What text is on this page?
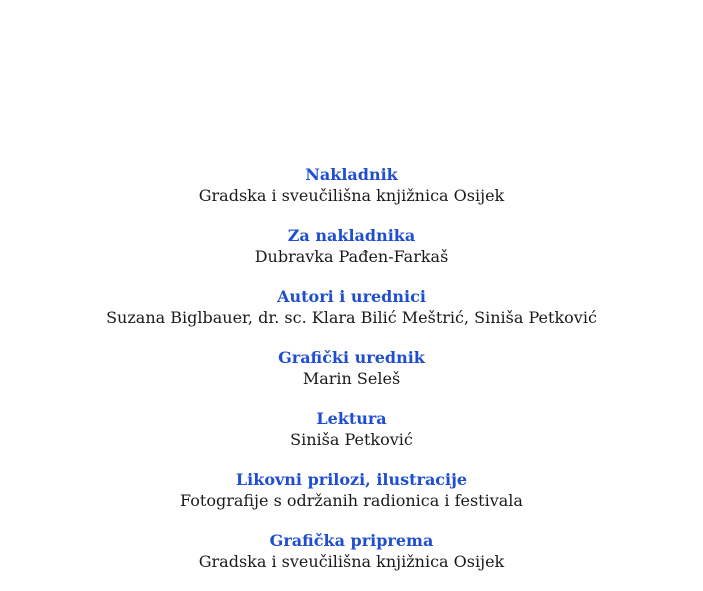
Nakladnik
Gradska i sveučilišna knjižnica Osijek
Za nakladnika
Dubravka Pađen-Farkaš
Autori i urednici
Suzana Biglbauer, dr. sc. Klara Bilić Meštrić, Siniša Petković
Grafički urednik
Marin Seleš
Lektura
Siniša Petković
Likovni prilozi, ilustracije
Fotografije s održanih radionica i festivala
Grafička priprema
Gradska i sveučilišna knjižnica Osijek
